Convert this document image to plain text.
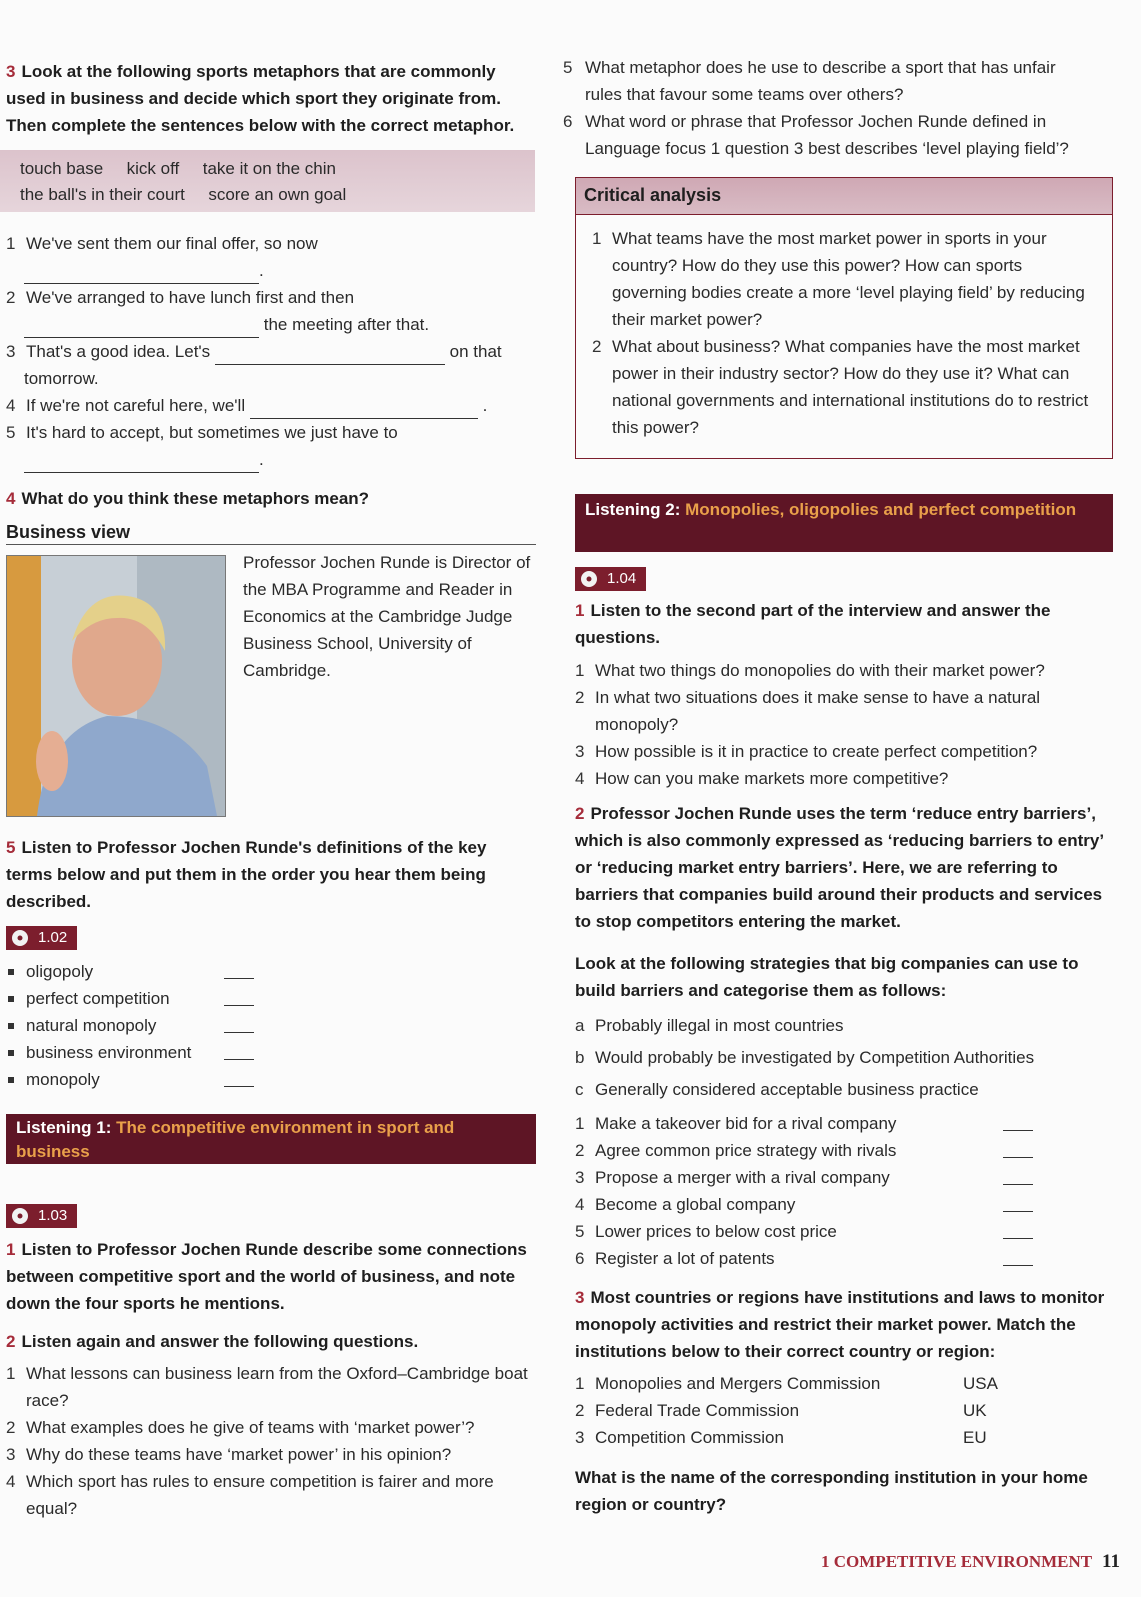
3 Look at the following sports metaphors that are commonly used in business and decide which sport they originate from. Then complete the sentences below with the correct metaphor.
touch base kick off take it on the chin
the ball's in their court score an own goal
1 We've sent them our final offer, so now
.
2 We've arranged to have lunch first and then
the meeting after that.
3 That's a good idea. Let's	on that
tomorrow.
4 If we're not careful here, we'll	.
5 It's hard to accept, but sometimes we just have to
.
4 What do you think these metaphors mean?
Business view
Professor Jochen Runde is Director of the MBA Programme and Reader in Economics at the Cambridge Judge Business School, University of Cambridge.
5 Listen to Professor Jochen Runde's definitions of the key terms below and put them in the order you hear them being described.
1.02
oligopoly
perfect competition
natural monopoly
business environment
monopoly
Listening 1: The competitive environment in sport and business
1.03
1 Listen to Professor Jochen Runde describe some connections between competitive sport and the world of business, and note down the four sports he mentions.
2 Listen again and answer the following questions.
1 What lessons can business learn from the Oxford–Cambridge boat race?
2 What examples does he give of teams with ‘market power’?
3 Why do these teams have ‘market power’ in his opinion?
4 Which sport has rules to ensure competition is fairer and more equal?
5 What metaphor does he use to describe a sport that has unfair rules that favour some teams over others?
6 What word or phrase that Professor Jochen Runde defined in Language focus 1 question 3 best describes ‘level playing field’?
Critical analysis
1 What teams have the most market power in sports in your country? How do they use this power? How can sports governing bodies create a more ‘level playing field’ by reducing their market power?
2 What about business? What companies have the most market power in their industry sector? How do they use it? What can national governments and international institutions do to restrict this power?
Listening 2: Monopolies, oligopolies and perfect competition
1.04
1 Listen to the second part of the interview and answer the questions.
1 What two things do monopolies do with their market power?
2 In what two situations does it make sense to have a natural monopoly?
3 How possible is it in practice to create perfect competition?
4 How can you make markets more competitive?
2 Professor Jochen Runde uses the term ‘reduce entry barriers’, which is also commonly expressed as ‘reducing barriers to entry’ or ‘reducing market entry barriers’. Here, we are referring to barriers that companies build around their products and services to stop competitors entering the market.
Look at the following strategies that big companies can use to build barriers and categorise them as follows:
a Probably illegal in most countries
b Would probably be investigated by Competition Authorities
c Generally considered acceptable business practice
1 Make a takeover bid for a rival company
2 Agree common price strategy with rivals
3 Propose a merger with a rival company
4 Become a global company
5 Lower prices to below cost price
6 Register a lot of patents
3 Most countries or regions have institutions and laws to monitor monopoly activities and restrict their market power. Match the institutions below to their correct country or region:
1 Monopolies and Mergers Commission	USA
2 Federal Trade Commission	UK
3 Competition Commission	EU
What is the name of the corresponding institution in your home region or country?
1 COMPETITIVE ENVIRONMENT 11
